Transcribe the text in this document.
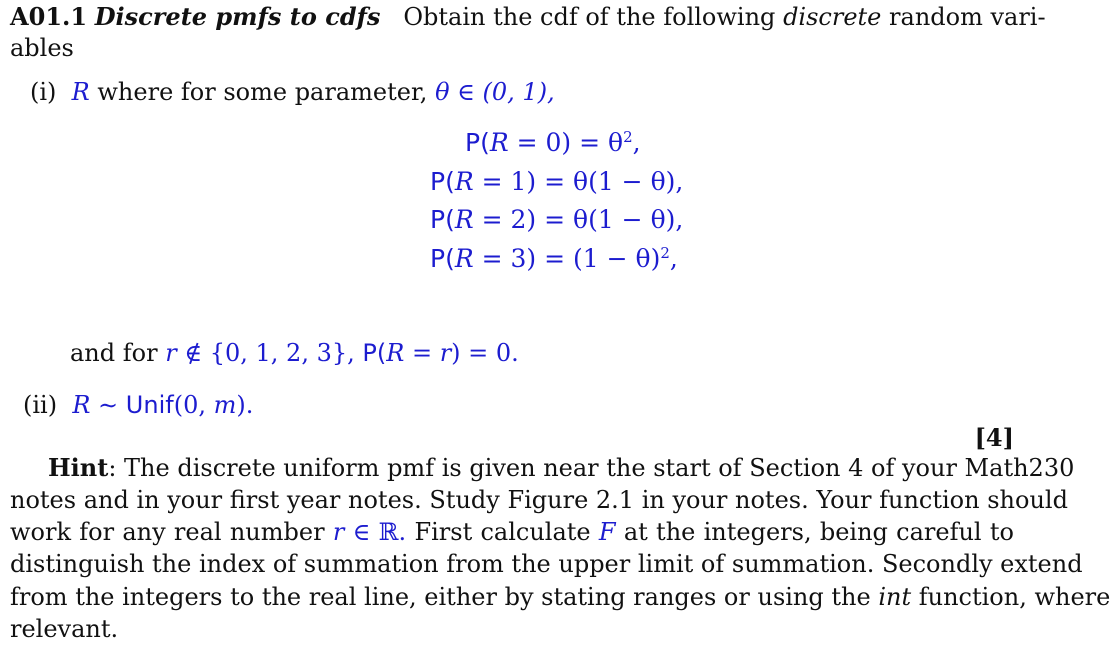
A01.1 Discrete pmfs to cdfs Obtain the cdf of the following discrete random vari-
ables
(i) R where for some parameter, θ ∈ (0, 1),
$P(R = 0) = \theta^2$,
P(R = 1) = θ(1 − θ),
P(R = 2) = θ(1 − θ),
$P(R = 3) = (1 - \theta)^2$,
and for r ∉ {0, 1, 2, 3}, P(R = r) = 0.
(ii) R ∼ Unif(0, m).
[4]
Hint: The discrete uniform pmf is given near the start of Section 4 of your Math230
notes and in your first year notes. Study Figure 2.1 in your notes. Your function should
work for any real number r ∈ ℝ. First calculate F at the integers, being careful to
distinguish the index of summation from the upper limit of summation. Secondly extend
from the integers to the real line, either by stating ranges or using the int function, where
relevant.
